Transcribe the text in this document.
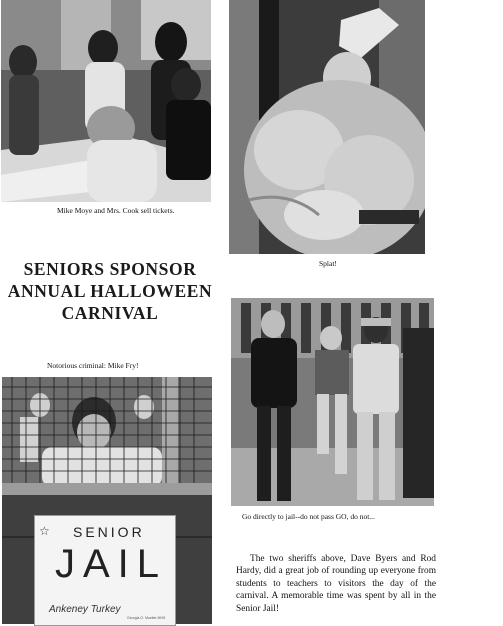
Mike Moye and Mrs. Cook sell tickets.
Splat!
SENIORS SPONSOR
ANNUAL HALLOWEEN
CARNIVAL
Notorious criminal: Mike Fry!
☆ SENIOR
JAIL
Ankeney Turkey
Georgia O. Mueller MHS
Go directly to jail--do not pass GO, do not...

The two sheriffs above, Dave Byers and Rod Hardy, did a great job of rounding up everyone from students to teachers to visitors the day of the carnival. A memorable time was spent by all in the Senior Jail!
